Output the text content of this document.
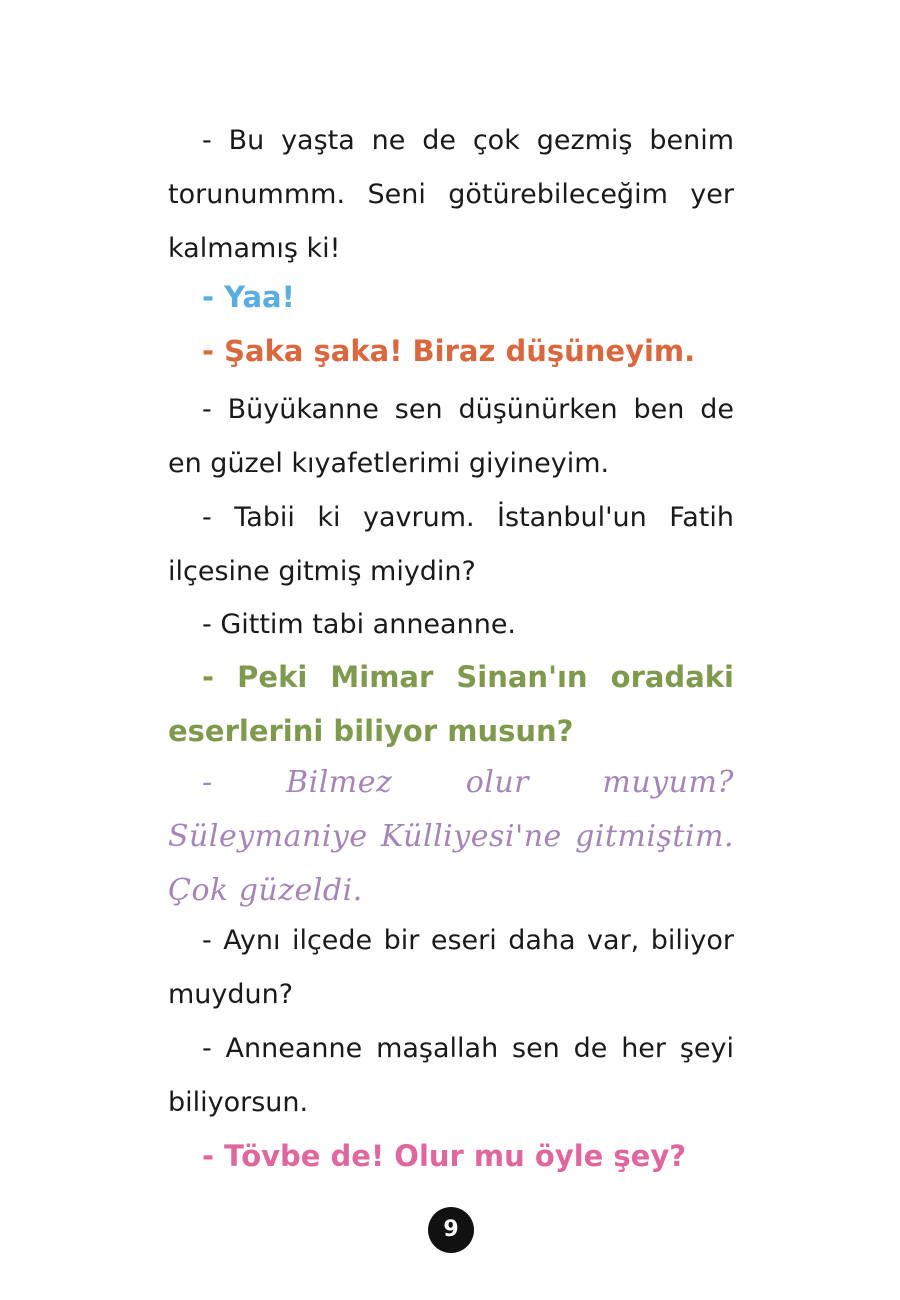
- Bu yaşta ne de çok gezmiş benim torunummm. Seni götürebileceğim yer kalmamış ki!

- Yaa!

- Şaka şaka! Biraz düşüneyim.

- Büyükanne sen düşünürken ben de en güzel kıyafetlerimi giyineyim.

- Tabii ki yavrum. İstanbul'un Fatih ilçesine gitmiş miydin?

- Gittim tabi anneanne.

- Peki Mimar Sinan'ın oradaki eserlerini biliyor musun?

- Bilmez olur muyum? Süleymaniye Külliyesi'ne gitmiştim. Çok güzeldi.

- Aynı ilçede bir eseri daha var, biliyor muydun?

- Anneanne maşallah sen de her şeyi biliyorsun.

- Tövbe de! Olur mu öyle şey?

9
